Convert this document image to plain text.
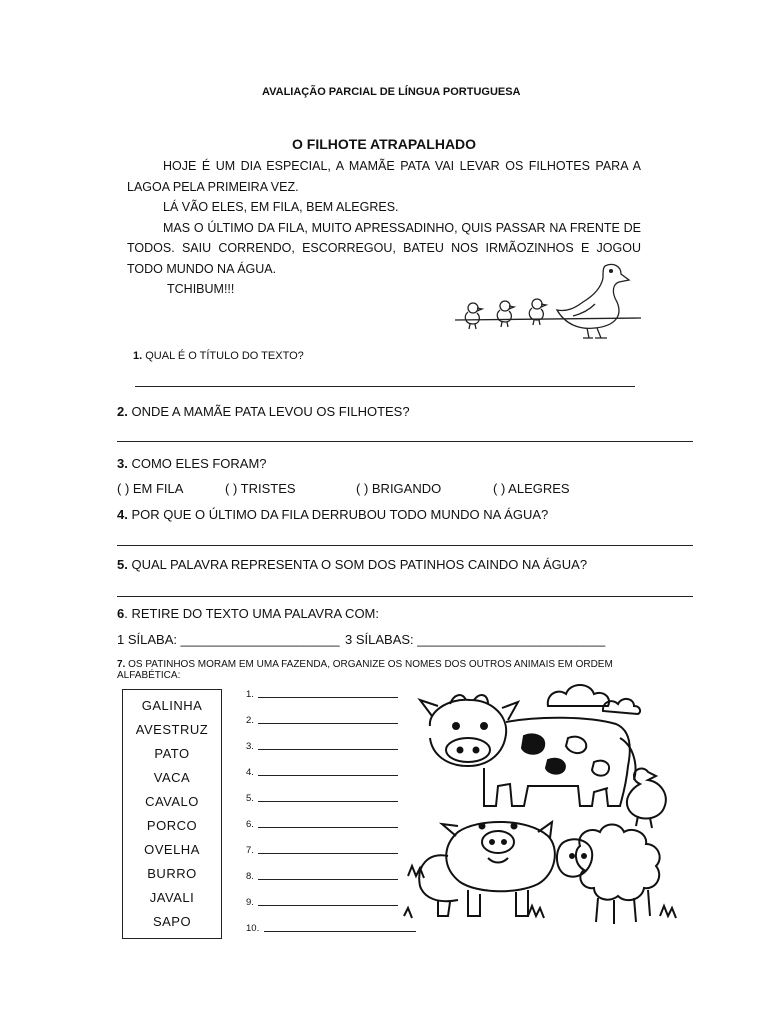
AVALIAÇÃO PARCIAL DE LÍNGUA PORTUGUESA
O FILHOTE ATRAPALHADO

HOJE É UM DIA ESPECIAL, A MAMÃE PATA VAI LEVAR OS FILHOTES PARA A LAGOA PELA PRIMEIRA VEZ.

LÁ VÃO ELES, EM FILA, BEM ALEGRES.

MAS O ÚLTIMO DA FILA, MUITO APRESSADINHO, QUIS PASSAR NA FRENTE DE TODOS. SAIU CORRENDO, ESCORREGOU, BATEU NOS IRMÃOZINHOS E JOGOU TODO MUNDO NA ÁGUA.

TCHIBUM!!!

1. QUAL É O TÍTULO DO TEXTO?
2. ONDE A MAMÃE PATA LEVOU OS FILHOTES?
3. COMO ELES FORAM?
( ) EM FILA	( ) TRISTES	( ) BRIGANDO	( ) ALEGRES
4. POR QUE O ÚLTIMO DA FILA DERRUBOU TODO MUNDO NA ÁGUA?
5. QUAL PALAVRA REPRESENTA O SOM DOS PATINHOS CAINDO NA ÁGUA?
6. RETIRE DO TEXTO UMA PALAVRA COM:
1 SÍLABA: ______________________ 3 SÍLABAS: __________________________
7. OS PATINHOS MORAM EM UMA FAZENDA, ORGANIZE OS NOMES DOS OUTROS ANIMAIS EM ORDEM ALFABÉTICA:
GALINHA
AVESTRUZ
PATO
VACA
CAVALO
PORCO
OVELHA
BURRO
JAVALI
SAPO
1.
2.
3.
4.
5.
6.
7.
8.
9.
10.
